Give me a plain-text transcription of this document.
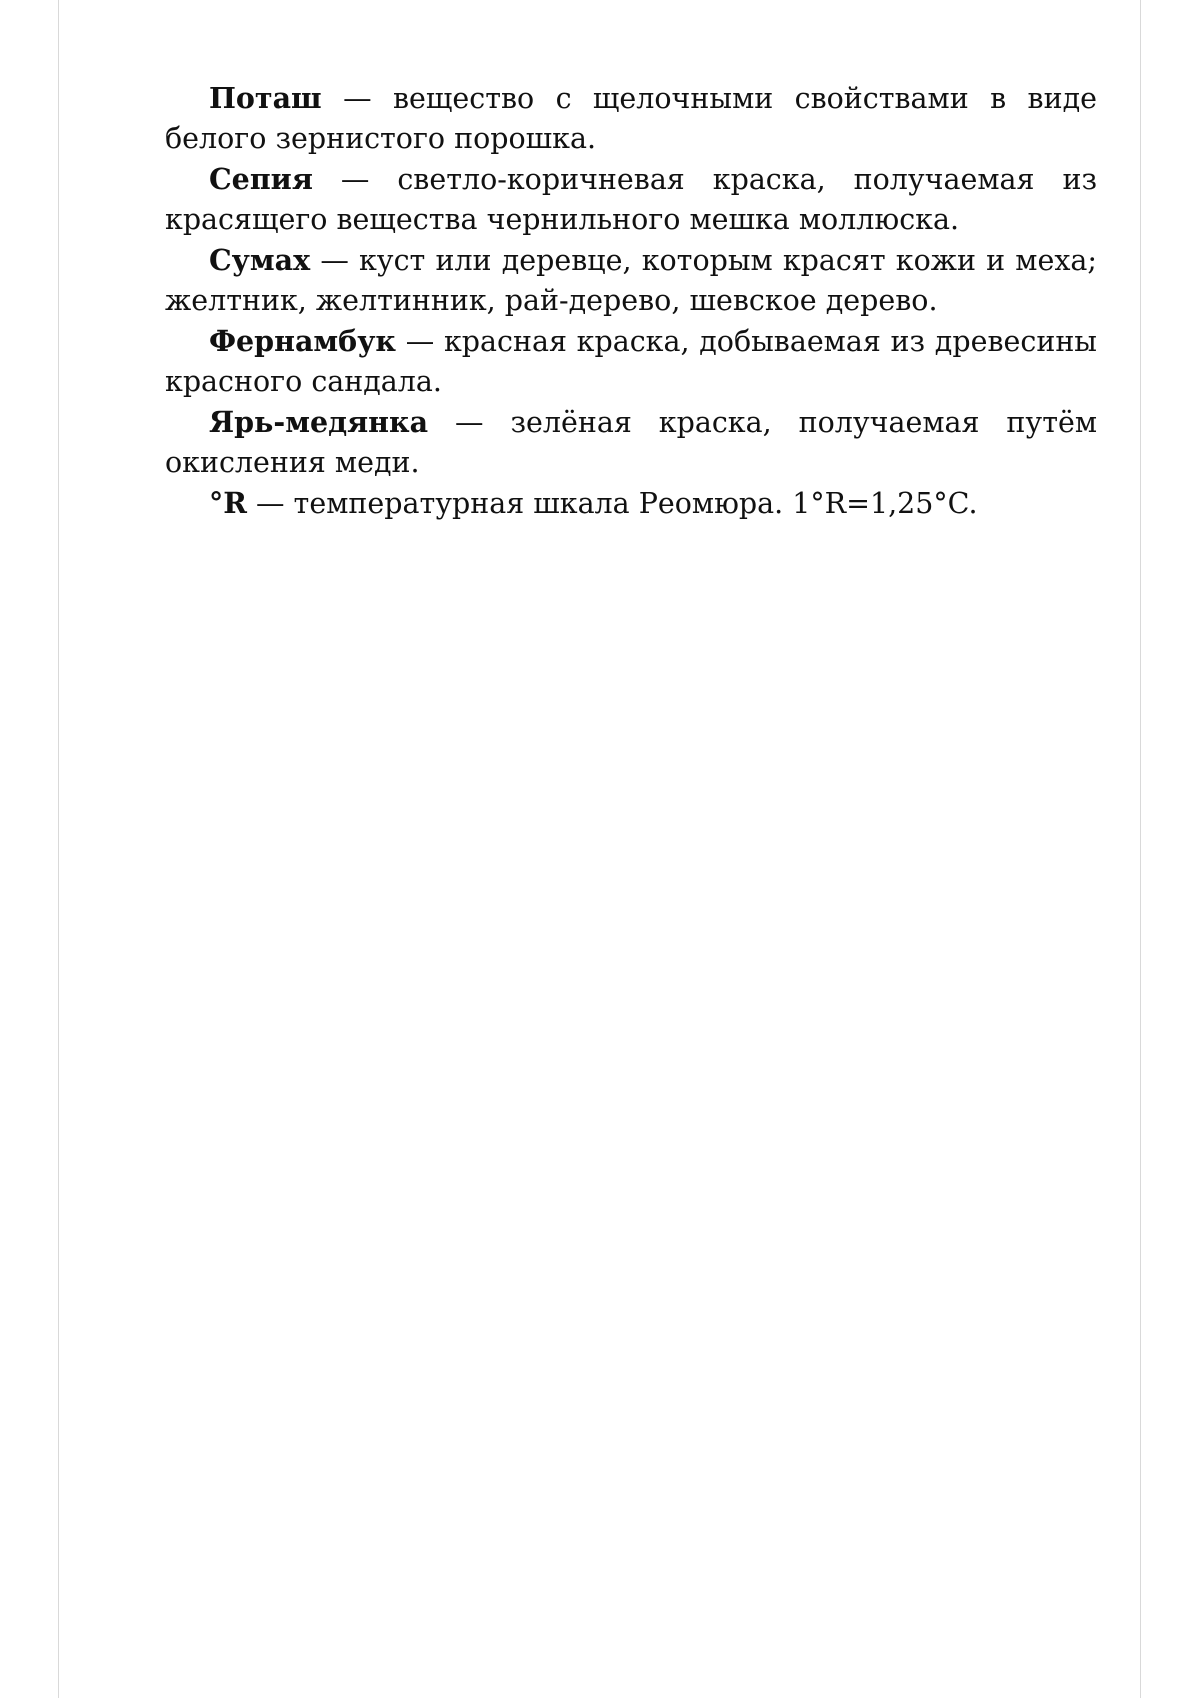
Поташ — вещество с щелочными свойствами в виде белого зернистого порошка.

Сепия — светло-коричневая краска, получаемая из красящего вещества чернильного мешка моллюска.

Сумах — куст или деревце, которым красят кожи и меха; желтник, желтинник, рай-дерево, шевское дерево.

Фернамбук — красная краска, добываемая из древесины красного сандала.

Ярь-медянка — зелёная краска, получаемая путём окисления меди.

°R — температурная шкала Реомюра. 1°R=1,25°C.
